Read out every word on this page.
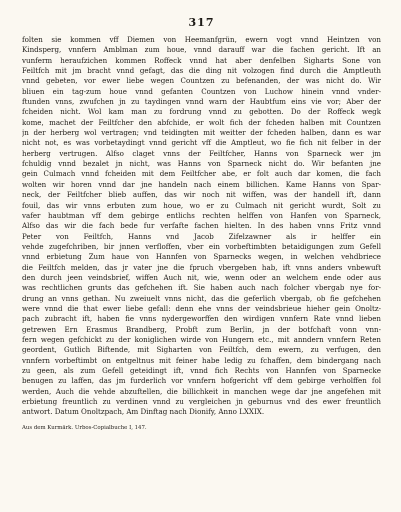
317
folten sie kommen vff Diemen von Heemanfgrün, ewern vogt vnnd Heintzen von
Kindsperg, vnnfern Amblman zum houe, vnnd darauff war die fachen gericht. Ift an
vunferm heraufzichen kommen Roffeck vnnd hat aber denfelben Sigharts Sone von
Feiltfch mit jm bracht vnnd gefagt, das die ding nit volzogen find durch die Amptleuth
vnnd gebeten, vor ewer liebe wegen Countzen zu befenanden, der was nicht do. Wir
bliuen ein tag-zum houe vnnd gefanten Countzen von Luchow hinein vnnd vnder-
ftunden vnns, zwufchen jn zu taydingen vnnd warn der Haubtfum eins vie vor; Aber der
fcheiden nicht. Wol kam man zu fordrung vnnd zu gebotten. Do der Roffeck wegk
kome, machet der Feiltfcher den abfchide, er wolt fich der fcheden halben mit Countzen
jn der herberg wol vertragen; vnd teidingten mit weitter der fcheden halben, dann es war
nicht not, es was vorbetaydingt vnnd gericht vff die Amptleut, wo fie fich nit felber in der
herberg vertrugen. Alfso claget vnns der Feiltfcher, Hanns von Sparneck wer jm
fchuldig vnnd bezalet jn nicht, was Hanns von Sparneck nicht do. Wir befanten jne
gein Culmach vnnd fcheiden mit dem Feiltfcher abe, er folt auch dar komen, die fach
wolten wir horen vnnd dar jne handeln nach einem billichen. Kame Hanns von Spar-
neck, der Feiltfcher blieb auffen, das wir noch nit wiffen, was der handell ift, dann
fouil, das wir vnns erbuten zum houe, wo er zu Culmach nit gericht wurdt, Solt zu
vafer haubtman vff dem gebirge entlichs rechten helffen von Hanfen von Sparneck,
Alfso das wir die fach bede fur verfafte fachen hielten. In des haben vnns Fritz vnnd
Peter von Feiltfch, Hanns vnd Jacob Zifelzawner als ir helffer ein
vehde zugefchriben, bir jnnen verfloffen, vber ein vorbeftimbten betaidigungen zum Gefell
vnnd erbietung Zum haue von Hannfen von Sparnecks wegen, in welchen vehdbriece
die Feiltfch melden, das jr vater jne die fpruch vbergeben hab, ift vnns anders vnbewuft
den durch jeen veindsbrief, wiffen Auch nit, wie, wenn oder an welchem ende oder aus
was rechtlichen grunts das gefchehen ift. Sie haben auch nach folcher vbergab nye for-
drung an vnns gethan. Nu zweiuelt vnns nicht, das die geferlich vbergab, ob fie gefchehen
were vnnd die that ewer liebe gefall: denn ehe vnns der veindsbrieue hieher gein Onoltz-
pach zubracht ift, haben fie vnns nydergeworffen den wirdigen vnnfern Rate vnnd lieben
getrewen Ern Erasmus Brandberg, Probft zum Berlin, jn der botfchaft vonn vnn-
fern wegen gefchickt zu der koniglichen wirde von Hungern etc., mit anndern vnnfern Reten
geordent, Gutlich Biftende, mit Sigharten von Feiltfch, dem ewern, zu verfugen, den
vnnfern vorbeftimbt on entgeltnus mit feiner habe ledig zu fchaffen, dem bindergang nach
zu geen, als zum Gefell geteidingt ift, vnnd fich Rechts von Hannfen von Sparnecke
benugen zu laffen, das jm furderlich vor vnnfern hofgericht vff dem gebirge verholffen fol
werden, Auch die vehde abzuftellen, die billichkeit in manchen wege dar jne angefehen mit
erbietung freuntlich zu verdinen vnnd zu vergleichen jn geburnus vnd des ewer freuntlich
antwort. Datum Onoltzpach, Am Dinftag nach Dionify, Anno LXXIX.
Aus dem Kurmärk. Urbos-Copialbuche I, 147.
